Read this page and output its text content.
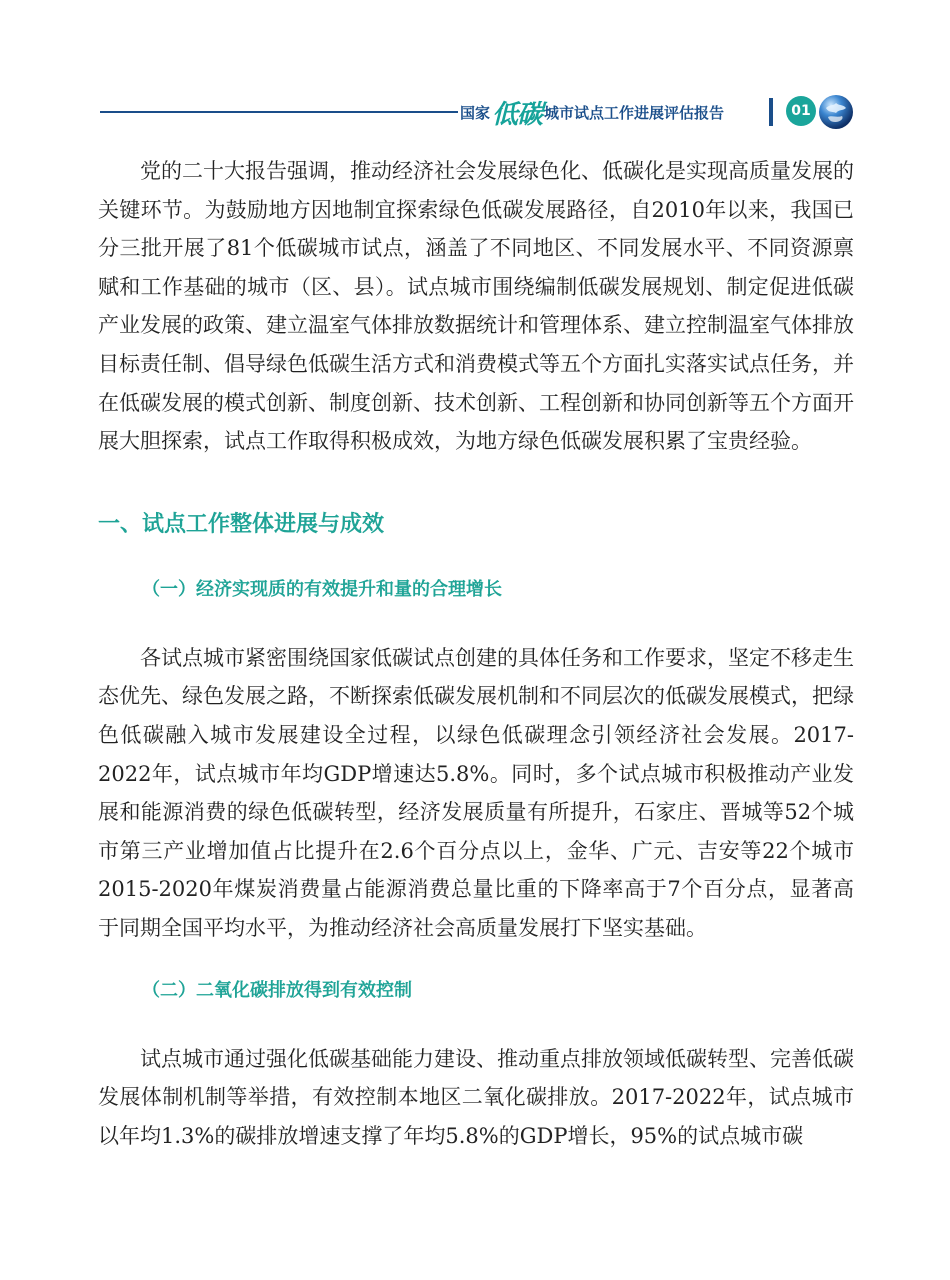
国家 低碳 城市试点工作进展评估报告	01

党的二十大报告强调，推动经济社会发展绿色化、低碳化是实现高质量发展的关键环节。为鼓励地方因地制宜探索绿色低碳发展路径，自2010年以来，我国已分三批开展了81个低碳城市试点，涵盖了不同地区、不同发展水平、不同资源禀赋和工作基础的城市（区、县）。试点城市围绕编制低碳发展规划、制定促进低碳产业发展的政策、建立温室气体排放数据统计和管理体系、建立控制温室气体排放目标责任制、倡导绿色低碳生活方式和消费模式等五个方面扎实落实试点任务，并在低碳发展的模式创新、制度创新、技术创新、工程创新和协同创新等五个方面开展大胆探索，试点工作取得积极成效，为地方绿色低碳发展积累了宝贵经验。

一、试点工作整体进展与成效
（一）经济实现质的有效提升和量的合理增长

各试点城市紧密围绕国家低碳试点创建的具体任务和工作要求，坚定不移走生态优先、绿色发展之路，不断探索低碳发展机制和不同层次的低碳发展模式，把绿色低碳融入城市发展建设全过程，以绿色低碳理念引领经济社会发展。2017-2022年，试点城市年均GDP增速达5.8%。同时，多个试点城市积极推动产业发展和能源消费的绿色低碳转型，经济发展质量有所提升，石家庄、晋城等52个城市第三产业增加值占比提升在2.6个百分点以上，金华、广元、吉安等22个城市2015-2020年煤炭消费量占能源消费总量比重的下降率高于7个百分点，显著高于同期全国平均水平，为推动经济社会高质量发展打下坚实基础。

（二）二氧化碳排放得到有效控制

试点城市通过强化低碳基础能力建设、推动重点排放领域低碳转型、完善低碳发展体制机制等举措，有效控制本地区二氧化碳排放。2017-2022年，试点城市以年均1.3%的碳排放增速支撑了年均5.8%的GDP增长，95%的试点城市碳
